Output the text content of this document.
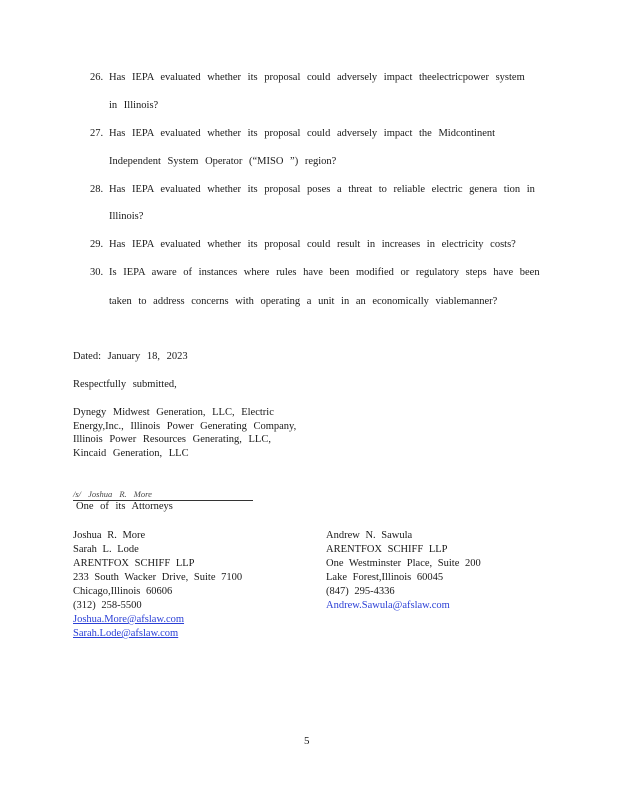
26. Has IEPA evaluated whether its proposal could adversely impact theelectricpower system
in Illinois?
27. Has IEPA evaluated whether its proposal could adversely impact the Midcontinent
Independent System Operator (“MISO ”) region?
28. Has IEPA evaluated whether its proposal poses a threat to reliable electric genera tion in
Illinois?
29. Has IEPA evaluated whether its proposal could result in increases in electricity costs?
30. Is IEPA aware of instances where rules have been modified or regulatory steps have been
taken to address concerns with operating a unit in an economically viablemanner?
Dated: January 18, 2023
Respectfully submitted,
Dynegy Midwest Generation, LLC, Electric
Energy,Inc., Illinois Power Generating Company,
Illinois Power Resources Generating, LLC,
Kincaid Generation, LLC
/s/ Joshua R. More
One of its Attorneys
Joshua R. More
Sarah L. Lode
ARENTFOX SCHIFF LLP
233 South Wacker Drive, Suite 7100
Chicago,Illinois 60606
(312) 258-5500
Joshua.More@afslaw.com
Sarah.Lode@afslaw.com
Andrew N. Sawula
ARENTFOX SCHIFF LLP
One Westminster Place, Suite 200
Lake Forest,Illinois 60045
(847) 295-4336
Andrew.Sawula@afslaw.com
5
